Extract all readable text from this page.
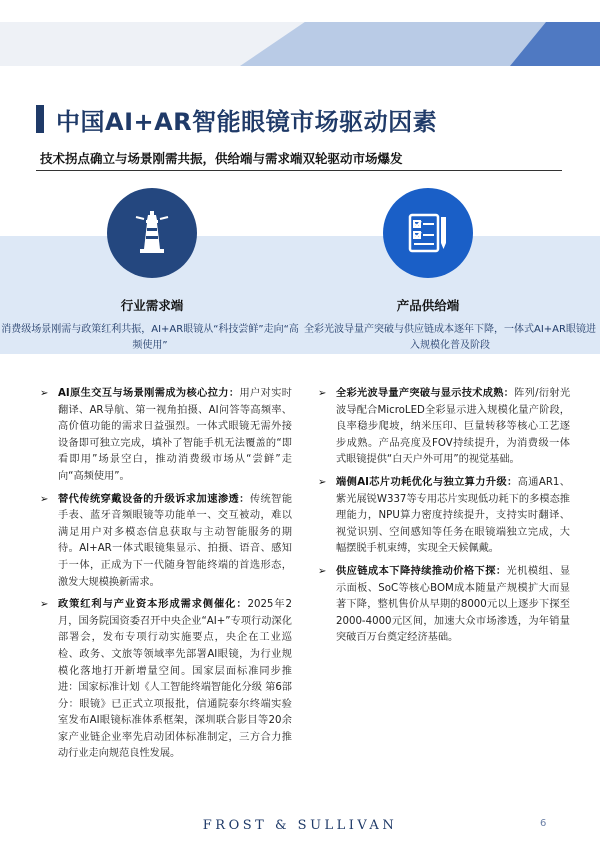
中国AI+AR智能眼镜市场驱动因素
技术拐点确立与场景刚需共振，供给端与需求端双轮驱动市场爆发
行业需求端	产品供给端
消费级场景刚需与政策红利共振，AI+AR眼镜从“科技尝鲜”走向“高频使用”
全彩光波导量产突破与供应链成本逐年下降，一体式AI+AR眼镜进入规模化普及阶段
➢ AI原生交互与场景刚需成为核心拉力：用户对实时翻译、AR导航、第一视角拍摄、AI问答等高频率、高价值功能的需求日益强烈。一体式眼镜无需外接设备即可独立完成，填补了智能手机无法覆盖的“即看即用”场景空白，推动消费级市场从“尝鲜”走向“高频使用”。
➢ 替代传统穿戴设备的升级诉求加速渗透：传统智能手表、蓝牙音频眼镜等功能单一、交互被动，难以满足用户对多模态信息获取与主动智能服务的期待。AI+AR一体式眼镜集显示、拍摄、语音、感知于一体，正成为下一代随身智能终端的首选形态，激发大规模换新需求。
➢ 政策红利与产业资本形成需求侧催化：2025年2月，国务院国资委召开中央企业“AI+”专项行动深化部署会，发布专项行动实施要点，央企在工业巡检、政务、文旅等领域率先部署AI眼镜，为行业规模化落地打开新增量空间。国家层面标准同步推进：国家标准计划《人工智能终端智能化分级 第6部分：眼镜》已正式立项报批，信通院泰尔终端实验室发布AI眼镜标准体系框架，深圳联合影目等20余家产业链企业率先启动团体标准制定，三方合力推动行业走向规范良性发展。
➢ 全彩光波导量产突破与显示技术成熟：阵列/衍射光波导配合MicroLED全彩显示进入规模化量产阶段，良率稳步爬坡，纳米压印、巨量转移等核心工艺逐步成熟。产品亮度及FOV持续提升，为消费级一体式眼镜提供“白天户外可用”的视觉基础。
➢ 端侧AI芯片功耗优化与独立算力升级：高通AR1、紫光展锐W337等专用芯片实现低功耗下的多模态推理能力，NPU算力密度持续提升，支持实时翻译、视觉识别、空间感知等任务在眼镜端独立完成，大幅摆脱手机束缚，实现全天候佩戴。
➢ 供应链成本下降持续推动价格下探：光机模组、显示面板、SoC等核心BOM成本随量产规模扩大而显著下降，整机售价从早期的8000元以上逐步下探至2000-4000元区间，加速大众市场渗透，为年销量突破百万台奠定经济基础。
FROST & SULLIVAN	6
